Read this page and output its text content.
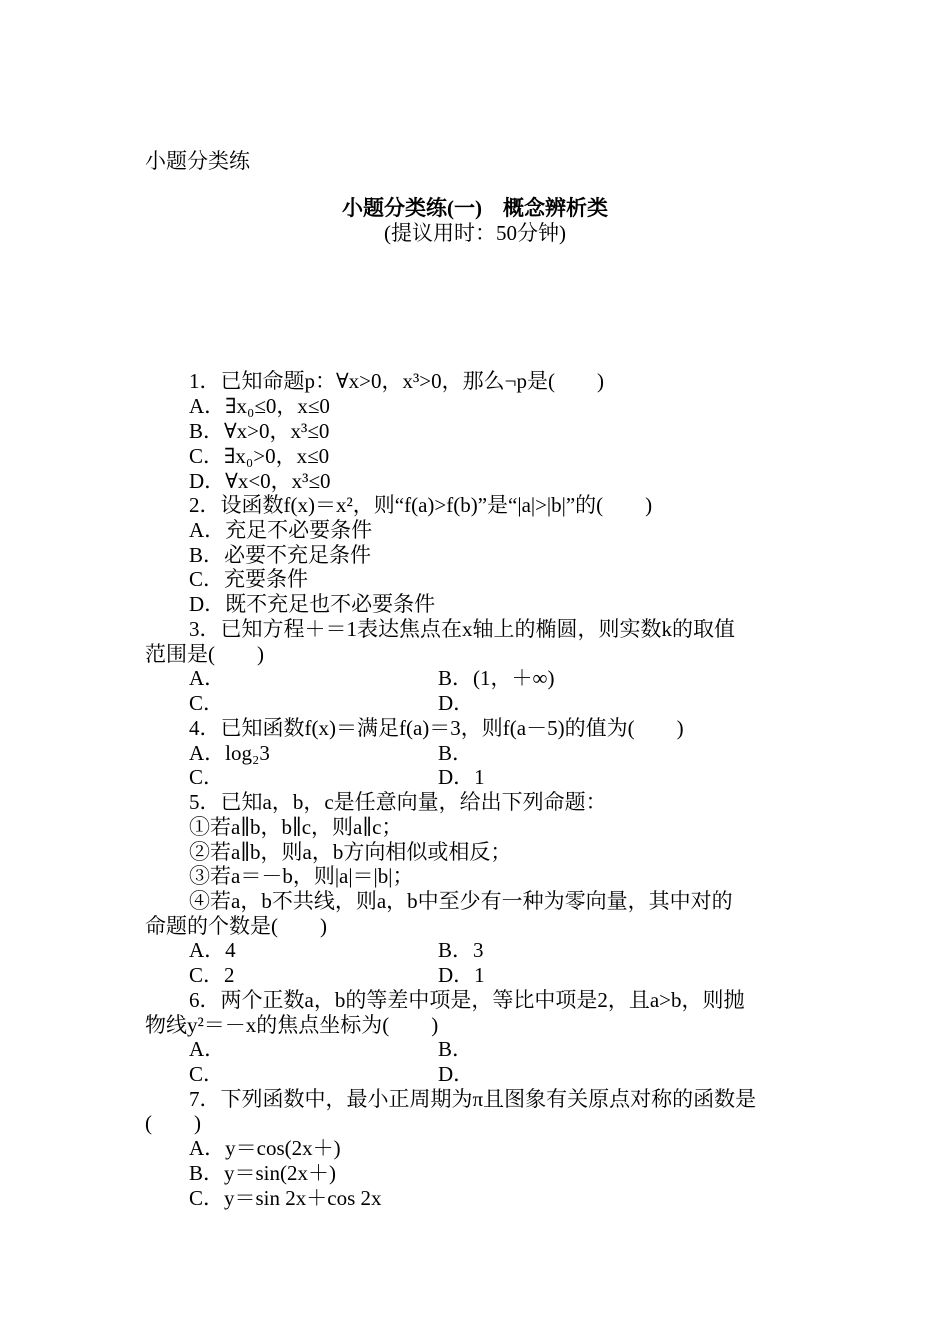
小题分类练
小题分类练(一)　概念辨析类
(提议用时：50分钟)
1．已知命题p：∀x>0，x³>0，那么¬p是(　　)
A．∃x₀≤0，x≤0
B．∀x>0，x³≤0
C．∃x₀>0，x≤0
D．∀x<0，x³≤0
2．设函数f(x)＝x²，则“f(a)>f(b)”是“|a|>|b|”的(　　)
A．充足不必要条件
B．必要不充足条件
C．充要条件
D．既不充足也不必要条件
3．已知方程＋＝1表达焦点在x轴上的椭圆，则实数k的取值
范围是(　　)
A．
C．
4．已知函数f(x)＝满足f(a)＝3，则f(a－5)的值为(　　)
A．log₂3
C．
5．已知a，b，c是任意向量，给出下列命题：
①若a∥b，b∥c，则a∥c；
②若a∥b，则a，b方向相似或相反；
③若a＝－b，则|a|＝|b|；
④若a，b不共线，则a，b中至少有一种为零向量，其中对的
命题的个数是(　　)
A．4
C．2
6．两个正数a，b的等差中项是，等比中项是2，且a>b，则抛
物线y²＝－x的焦点坐标为(　　)
A．
C．
7．下列函数中，最小正周期为π且图象有关原点对称的函数是
(　　)
A．y＝cos(2x＋)
B．y＝sin(2x＋)
C．y＝sin 2x＋cos 2x
B．(1，＋∞)
D．
B．
D．1
B．3
D．1
B．
D．
